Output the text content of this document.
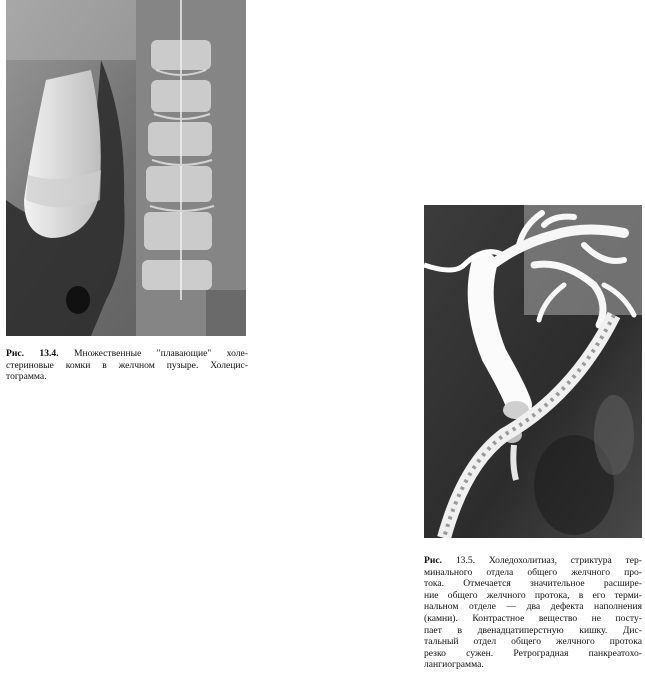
Рис. 13.4. Множественные "плавающие" холе-
стериновые комки в желчном пузыре. Холецис-
тограмма.
Рис. 13.5. Холедохолитиаз, стриктура тер-
минального отдела общего желчного про-
тока. Отмечается значительное расшире-
ние общего желчного протока, в его терми-
нальном отделе — два дефекта наполнения
(камни). Контрастное вещество не посту-
пает в двенадцатиперстную кишку. Дис-
тальный отдел общего желчного протока
резко сужен. Ретроградная панкреатохо-
лангиограмма.
